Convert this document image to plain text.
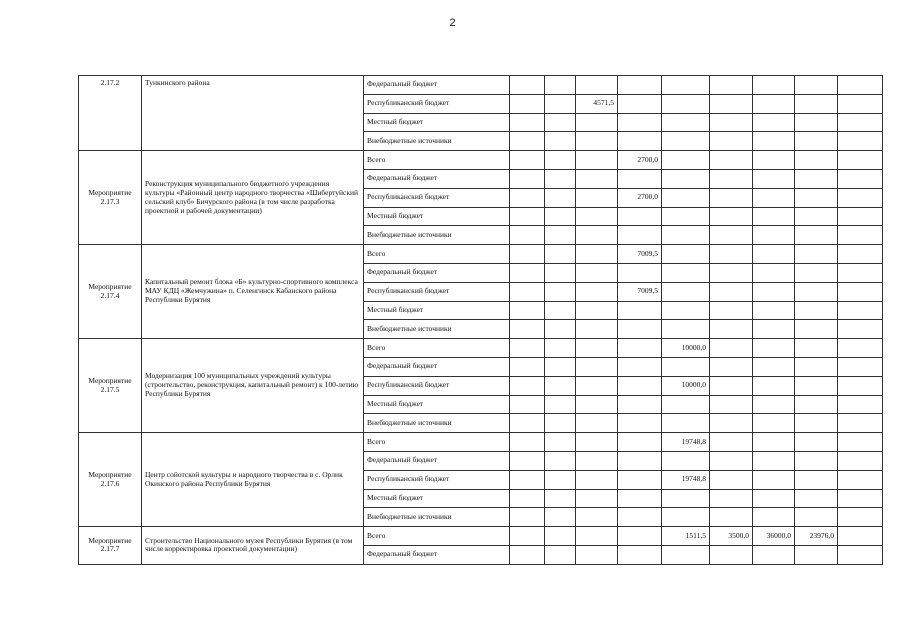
2
2.17.2	Тункинского района	Федеральный бюджет									
		Республиканский бюджет			4571,5						
		Местный бюджет									
		Внебюджетные источники									
Мероприятие 2.17.3	Реконструкция муниципального бюджетного учреждения культуры «Районный центр народного творчества «Шибертуйский сельский клуб» Бичурского района (в том числе разработка проектной и рабочей документации)	Всего				2700,0					
		Федеральный бюджет									
		Республиканский бюджет				2700,0					
		Местный бюджет									
		Внебюджетные источники									
Мероприятие 2.17.4	Капитальный ремонт блока «Б» культурно-спортивного комплекса МАУ КДЦ «Жемчужина» п. Селенгинск Кабанского района Республики Бурятия	Всего				7009,5					
		Федеральный бюджет									
		Республиканский бюджет				7009,5					
		Местный бюджет									
		Внебюджетные источники									
Мероприятие 2.17.5	Модернизация 100 муниципальных учреждений культуры (строительство, реконструкция, капитальный ремонт) к 100-летию Республики Бурятия	Всего					10000,0				
		Федеральный бюджет									
		Республиканский бюджет					10000,0				
		Местный бюджет									
		Внебюджетные источники									
Мероприятие 2.17.6	Центр сойотской культуры и народного творчества в с. Орлик Окинского района Республики Бурятия	Всего					19748,8				
		Федеральный бюджет									
		Республиканский бюджет					19748,8				
		Местный бюджет									
		Внебюджетные источники									
Мероприятие 2.17.7	Строительство Национального музея Республики Бурятия (в том числе корректировка проектной документации)	Всего					1511,5	3500,0	36000,0	23976,0	
		Федеральный бюджет									
